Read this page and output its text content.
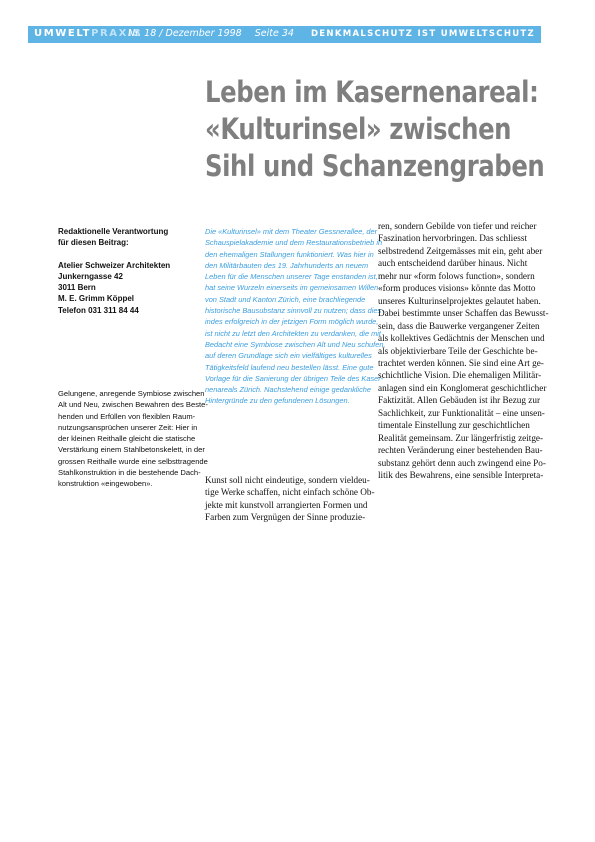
UMWELTPRAXIS
Nr. 18 / Dezember 1998 Seite 34	DENKMALSCHUTZ IST UMWELTSCHUTZ
Leben im Kasernenareal:
«Kulturinsel» zwischen
Sihl und Schanzengraben
Redaktionelle Verantwortung
für diesen Beitrag:
Atelier Schweizer Architekten
Junkerngasse 42
3011 Bern
M. E. Grimm Köppel
Telefon 031 311 84 44
Gelungene, anregende Symbiose zwischen
Alt und Neu, zwischen Bewahren des Beste-
henden und Erfüllen von flexiblen Raum-
nutzungsansprüchen unserer Zeit: Hier in
der kleinen Reithalle gleicht die statische
Verstärkung einem Stahlbetonskelett, in der
grossen Reithalle wurde eine selbsttragende
Stahlkonstruktion in die bestehende Dach-
konstruktion «eingewoben».
Die «Kulturinsel» mit dem Theater Gessnerallee, der
Schauspielakademie und dem Restaurationsbetrieb in
den ehemaligen Stallungen funktioniert. Was hier in
den Militärbauten des 19. Jahrhunderts an neuem
Leben für die Menschen unserer Tage enstanden ist,
hat seine Wurzeln einerseits im gemeinsamen Willen
von Stadt und Kanton Zürich, eine brachliegende
historische Bausubstanz sinnvoll zu nutzen; dass dies
indes erfolgreich in der jetzigen Form möglich wurde,
ist nicht zu letzt den Architekten zu verdanken, die mit
Bedacht eine Symbiose zwischen Alt und Neu schufen,
auf deren Grundlage sich ein vielfältiges kulturelles
Tätigkeitsfeld laufend neu bestellen lässt. Eine gute
Vorlage für die Sanierung der übrigen Teile des Kaser-
nenareals Zürich. Nachstehend einige gedankliche
Hintergründe zu den gefundenen Lösungen.
Kunst soll nicht eindeutige, sondern vieldeu-
tige Werke schaffen, nicht einfach schöne Ob-
jekte mit kunstvoll arrangierten Formen und
Farben zum Vergnügen der Sinne produzie-
ren, sondern Gebilde von tiefer und reicher
Faszination hervorbringen. Das schliesst
selbstredend Zeitgemässes mit ein, geht aber
auch entscheidend darüber hinaus. Nicht
mehr nur «form folows function», sondern
«form produces visions» könnte das Motto
unseres Kulturinselprojektes gelautet haben.
Dabei bestimmte unser Schaffen das Bewusst-
sein, dass die Bauwerke vergangener Zeiten
als kollektives Gedächtnis der Menschen und
als objektivierbare Teile der Geschichte be-
trachtet werden können. Sie sind eine Art ge-
schichtliche Vision. Die ehemaligen Militär-
anlagen sind ein Konglomerat geschichtlicher
Faktizität. Allen Gebäuden ist ihr Bezug zur
Sachlichkeit, zur Funktionalität – eine unsen-
timentale Einstellung zur geschichtlichen
Realität gemeinsam. Zur längerfristig zeitge-
rechten Veränderung einer bestehenden Bau-
substanz gehört denn auch zwingend eine Po-
litik des Bewahrens, eine sensible Interpreta-
